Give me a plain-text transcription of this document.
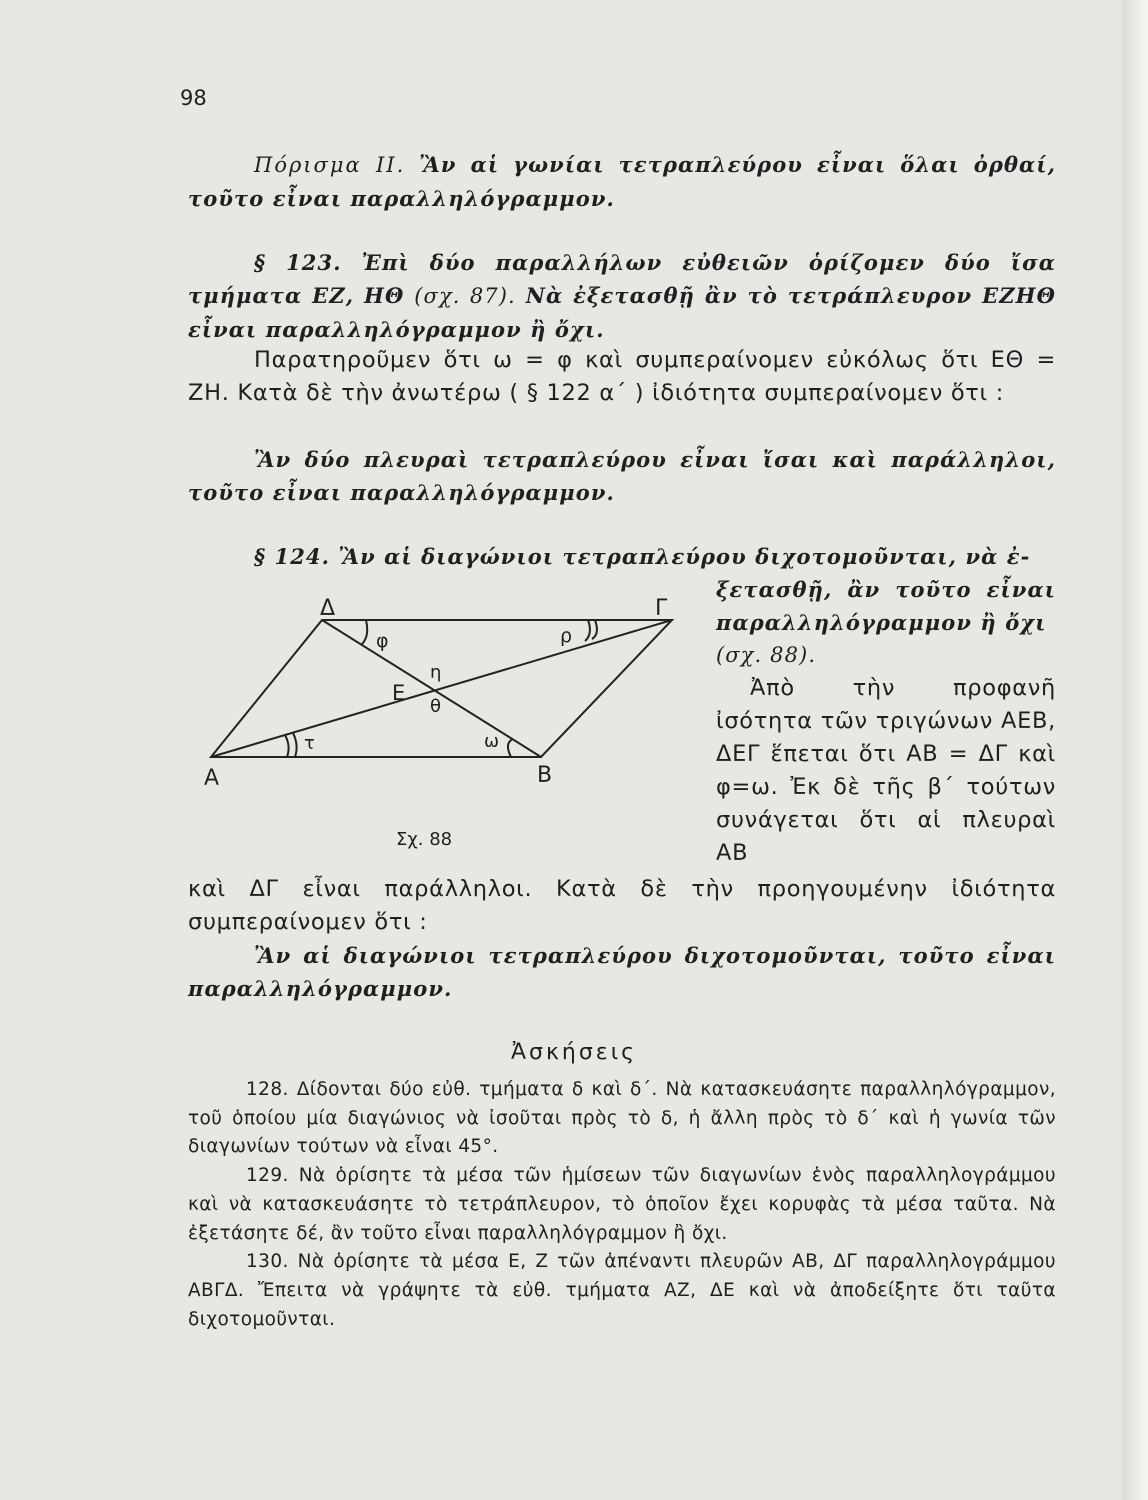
98

Πόρισμα II. Ἂν αἱ γωνίαι τετραπλεύρου εἶναι ὅλαι ὀρθαί, τοῦτο εἶναι παραλληλόγραμμον.

§ 123. Ἐπὶ δύο παραλλήλων εὐθειῶν ὁρίζομεν δύο ἴσα τμήματα ΕΖ, ΗΘ (σχ. 87). Νὰ ἐξετασθῇ ἂν τὸ τετράπλευρον ΕΖΗΘ εἶναι παραλληλόγραμμον ἢ ὄχι.

Παρατηροῦμεν ὅτι ω = φ καὶ συμπεραίνομεν εὐκόλως ὅτι ΕΘ = ΖΗ. Κατὰ δὲ τὴν ἀνωτέρω ( § 122 α΄ ) ἰδιότητα συμπεραίνομεν ὅτι :

Ἂν δύο πλευραὶ τετραπλεύρου εἶναι ἴσαι καὶ παράλληλοι, τοῦτο εἶναι παραλληλόγραμμον.

§ 124. Ἂν αἱ διαγώνιοι τετραπλεύρου διχοτομοῦνται, νὰ ἐ-

ξετασθῇ, ἂν τοῦτο εἶναι παραλληλόγραμμον ἢ ὄχι

(σχ. 88).

Ἀπὸ τὴν προφανῆ ἰσότητα τῶν τριγώνων ΑΕΒ, ΔΕΓ ἕπεται ὅτι ΑΒ = ΔΓ καὶ φ=ω. Ἐκ δὲ τῆς β΄ τούτων συνάγεται ὅτι αἱ πλευραὶ ΑΒ

Α	Β
Γ
Δ
Ε
φ	ρ
η
θ
τ	ω
Σχ. 88

καὶ ΔΓ εἶναι παράλληλοι. Κατὰ δὲ τὴν προηγουμένην ἰδιότητα συμπεραίνομεν ὅτι :

Ἂν αἱ διαγώνιοι τετραπλεύρου διχοτομοῦνται, τοῦτο εἶναι παραλληλόγραμμον.

Ἀσκήσεις

128. Δίδονται δύο εὐθ. τμήματα δ καὶ δ΄. Νὰ κατασκευάσητε παραλληλόγραμμον, τοῦ ὁποίου μία διαγώνιος νὰ ἰσοῦται πρὸς τὸ δ, ἡ ἄλλη πρὸς τὸ δ΄ καὶ ἡ γωνία τῶν διαγωνίων τούτων νὰ εἶναι 45°.

129. Νὰ ὁρίσητε τὰ μέσα τῶν ἡμίσεων τῶν διαγωνίων ἑνὸς παραλληλογράμμου καὶ νὰ κατασκευάσητε τὸ τετράπλευρον, τὸ ὁποῖον ἔχει κορυφὰς τὰ μέσα ταῦτα. Νὰ ἐξετάσητε δέ, ἂν τοῦτο εἶναι παραλληλόγραμμον ἢ ὄχι.

130. Νὰ ὁρίσητε τὰ μέσα Ε, Ζ τῶν ἀπέναντι πλευρῶν ΑΒ, ΔΓ παραλληλογράμμου ΑΒΓΔ. Ἔπειτα νὰ γράψητε τὰ εὐθ. τμήματα ΑΖ, ΔΕ καὶ νὰ ἀποδείξητε ὅτι ταῦτα διχοτομοῦνται.
